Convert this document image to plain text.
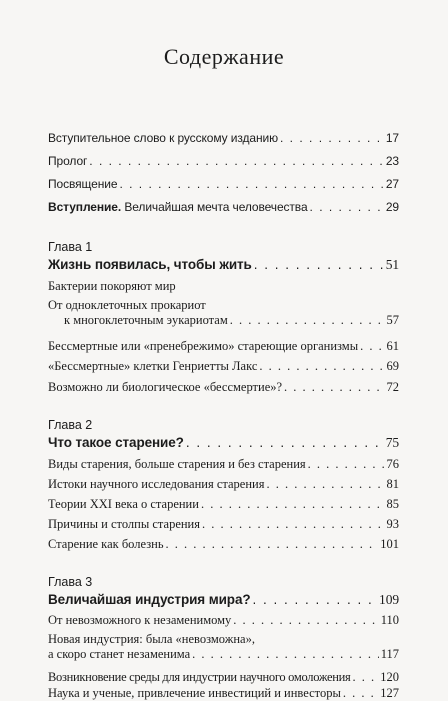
Содержание
Вступительное слово к русскому изданию . . .	17
Пролог . . .	23
Посвящение . . .	27
Вступление. Величайшая мечта человечества . . .	29
Глава 1
Жизнь появилась, чтобы жить . . .	51
Бактерии покоряют мир
От одноклеточных прокариот
к многоклеточным эукариотам . . .	57
Бессмертные или «пренебрежимо» стареющие организмы . . . 61
«Бессмертные» клетки Генриетты Лакс . . .	69
Возможно ли биологическое «бессмертие»? . . .	72
Глава 2
Что такое старение? . . .	75
Виды старения, больше старения и без старения . . .	76
Истоки научного исследования старения . . .	81
Теории XXI века о старении . . .	85
Причины и столпы старения . . .	93
Старение как болезнь . . .	101
Глава 3
Величайшая индустрия мира? . . .	109
От невозможного к незаменимому . . .	110
Новая индустрия: была «невозможна»,
а скоро станет незаменима . . .	117
Возникновение среды для индустрии научного омоложения . . . 120
Наука и ученые, привлечение инвестиций и инвесторы . . .	127
